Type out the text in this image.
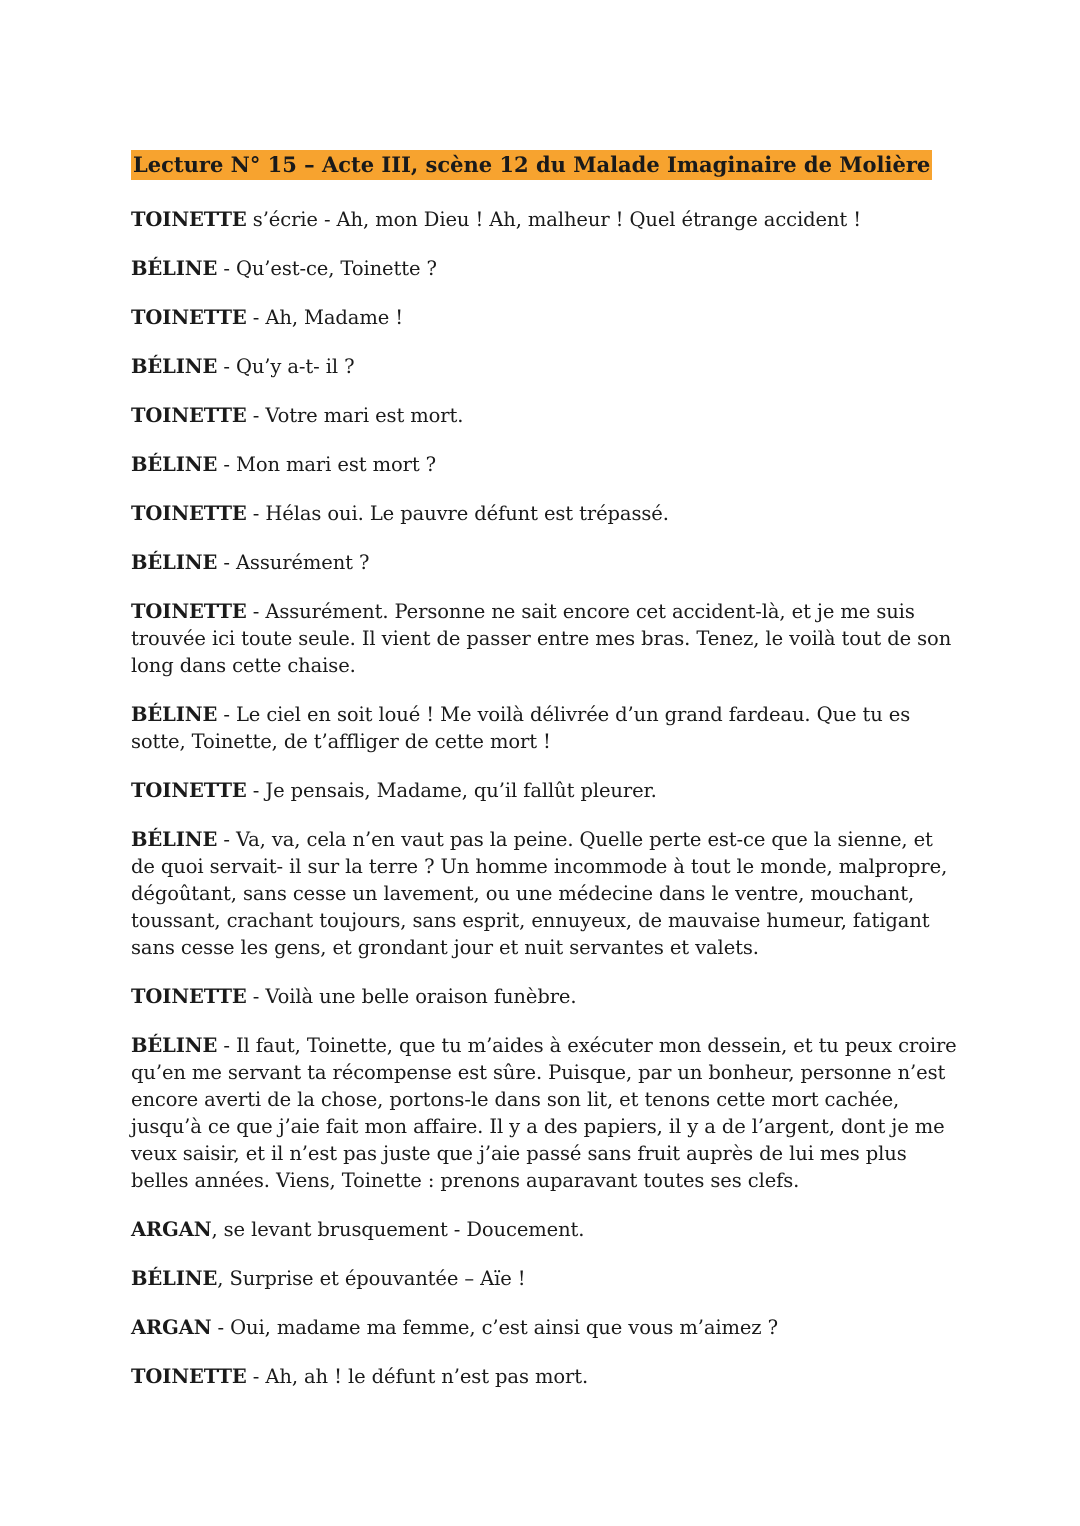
Lecture N° 15 – Acte III, scène 12 du Malade Imaginaire de Molière

TOINETTE s’écrie - Ah, mon Dieu ! Ah, malheur ! Quel étrange accident !

BÉLINE - Qu’est-ce, Toinette ?

TOINETTE - Ah, Madame !

BÉLINE - Qu’y a-t- il ?

TOINETTE - Votre mari est mort.

BÉLINE - Mon mari est mort ?

TOINETTE - Hélas oui. Le pauvre défunt est trépassé.

BÉLINE - Assurément ?

TOINETTE - Assurément. Personne ne sait encore cet accident-là, et je me suis trouvée ici toute seule. Il vient de passer entre mes bras. Tenez, le voilà tout de son long dans cette chaise.

BÉLINE - Le ciel en soit loué ! Me voilà délivrée d’un grand fardeau. Que tu es sotte, Toinette, de t’affliger de cette mort !

TOINETTE - Je pensais, Madame, qu’il fallût pleurer.

BÉLINE - Va, va, cela n’en vaut pas la peine. Quelle perte est-ce que la sienne, et de quoi servait- il sur la terre ? Un homme incommode à tout le monde, malpropre, dégoûtant, sans cesse un lavement, ou une médecine dans le ventre, mouchant, toussant, crachant toujours, sans esprit, ennuyeux, de mauvaise humeur, fatigant sans cesse les gens, et grondant jour et nuit servantes et valets.

TOINETTE - Voilà une belle oraison funèbre.

BÉLINE - Il faut, Toinette, que tu m’aides à exécuter mon dessein, et tu peux croire qu’en me servant ta récompense est sûre. Puisque, par un bonheur, personne n’est encore averti de la chose, portons-le dans son lit, et tenons cette mort cachée, jusqu’à ce que j’aie fait mon affaire. Il y a des papiers, il y a de l’argent, dont je me veux saisir, et il n’est pas juste que j’aie passé sans fruit auprès de lui mes plus belles années. Viens, Toinette : prenons auparavant toutes ses clefs.

ARGAN, se levant brusquement - Doucement.

BÉLINE, Surprise et épouvantée – Aïe !

ARGAN - Oui, madame ma femme, c’est ainsi que vous m’aimez ?

TOINETTE - Ah, ah ! le défunt n’est pas mort.
